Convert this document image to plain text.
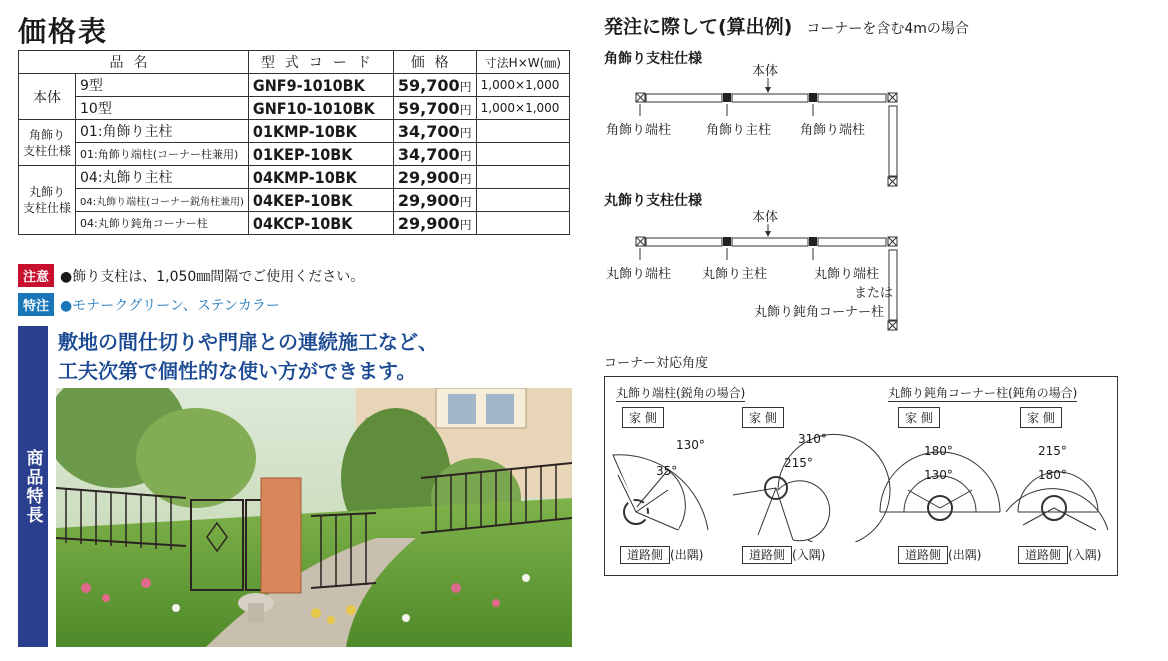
価格表
品名		型式コード	価格	寸法H×W(㎜)
本体	9型	GNF9-1010BK	59,700円	1,000×1,000
	10型	GNF10-1010BK	59,700円	1,000×1,000

角飾り
支柱仕様	01:角飾り主柱	01KMP-10BK	34,700円	
	01:角飾り端柱(コーナー柱兼用)	01KEP-10BK	34,700円	

丸飾り
支柱仕様	04:丸飾り主柱	04KMP-10BK	29,900円	
	04:丸飾り端柱(コーナー鋭角柱兼用)	04KEP-10BK	29,900円	
	04:丸飾り鈍角コーナー柱	04KCP-10BK	29,900円	
注意 ●飾り支柱は、1,050㎜間隔でご使用ください。
特注 ●モナークグリーン、ステンカラー
商品特長
敷地の間仕切りや門扉との連続施工など、
工夫次第で個性的な使い方ができます。
発注に際して(算出例) コーナーを含む4mの場合
角飾り支柱仕様
本体
角飾り端柱	角飾り主柱 角飾り端柱
丸飾り支柱仕様
本体
丸飾り端柱 丸飾り主柱	丸飾り端柱
または
丸飾り鈍角コーナー柱
コーナー対応角度
丸飾り端柱(鋭角の場合)	丸飾り鈍角コーナー柱(鈍角の場合)
家 側	家 側	家 側	家 側
130°
35°
310°
215°
180°
130°
215°
180°
道路側 (出隅)	道路側 (入隅)	道路側 (出隅)	道路側 (入隅)
